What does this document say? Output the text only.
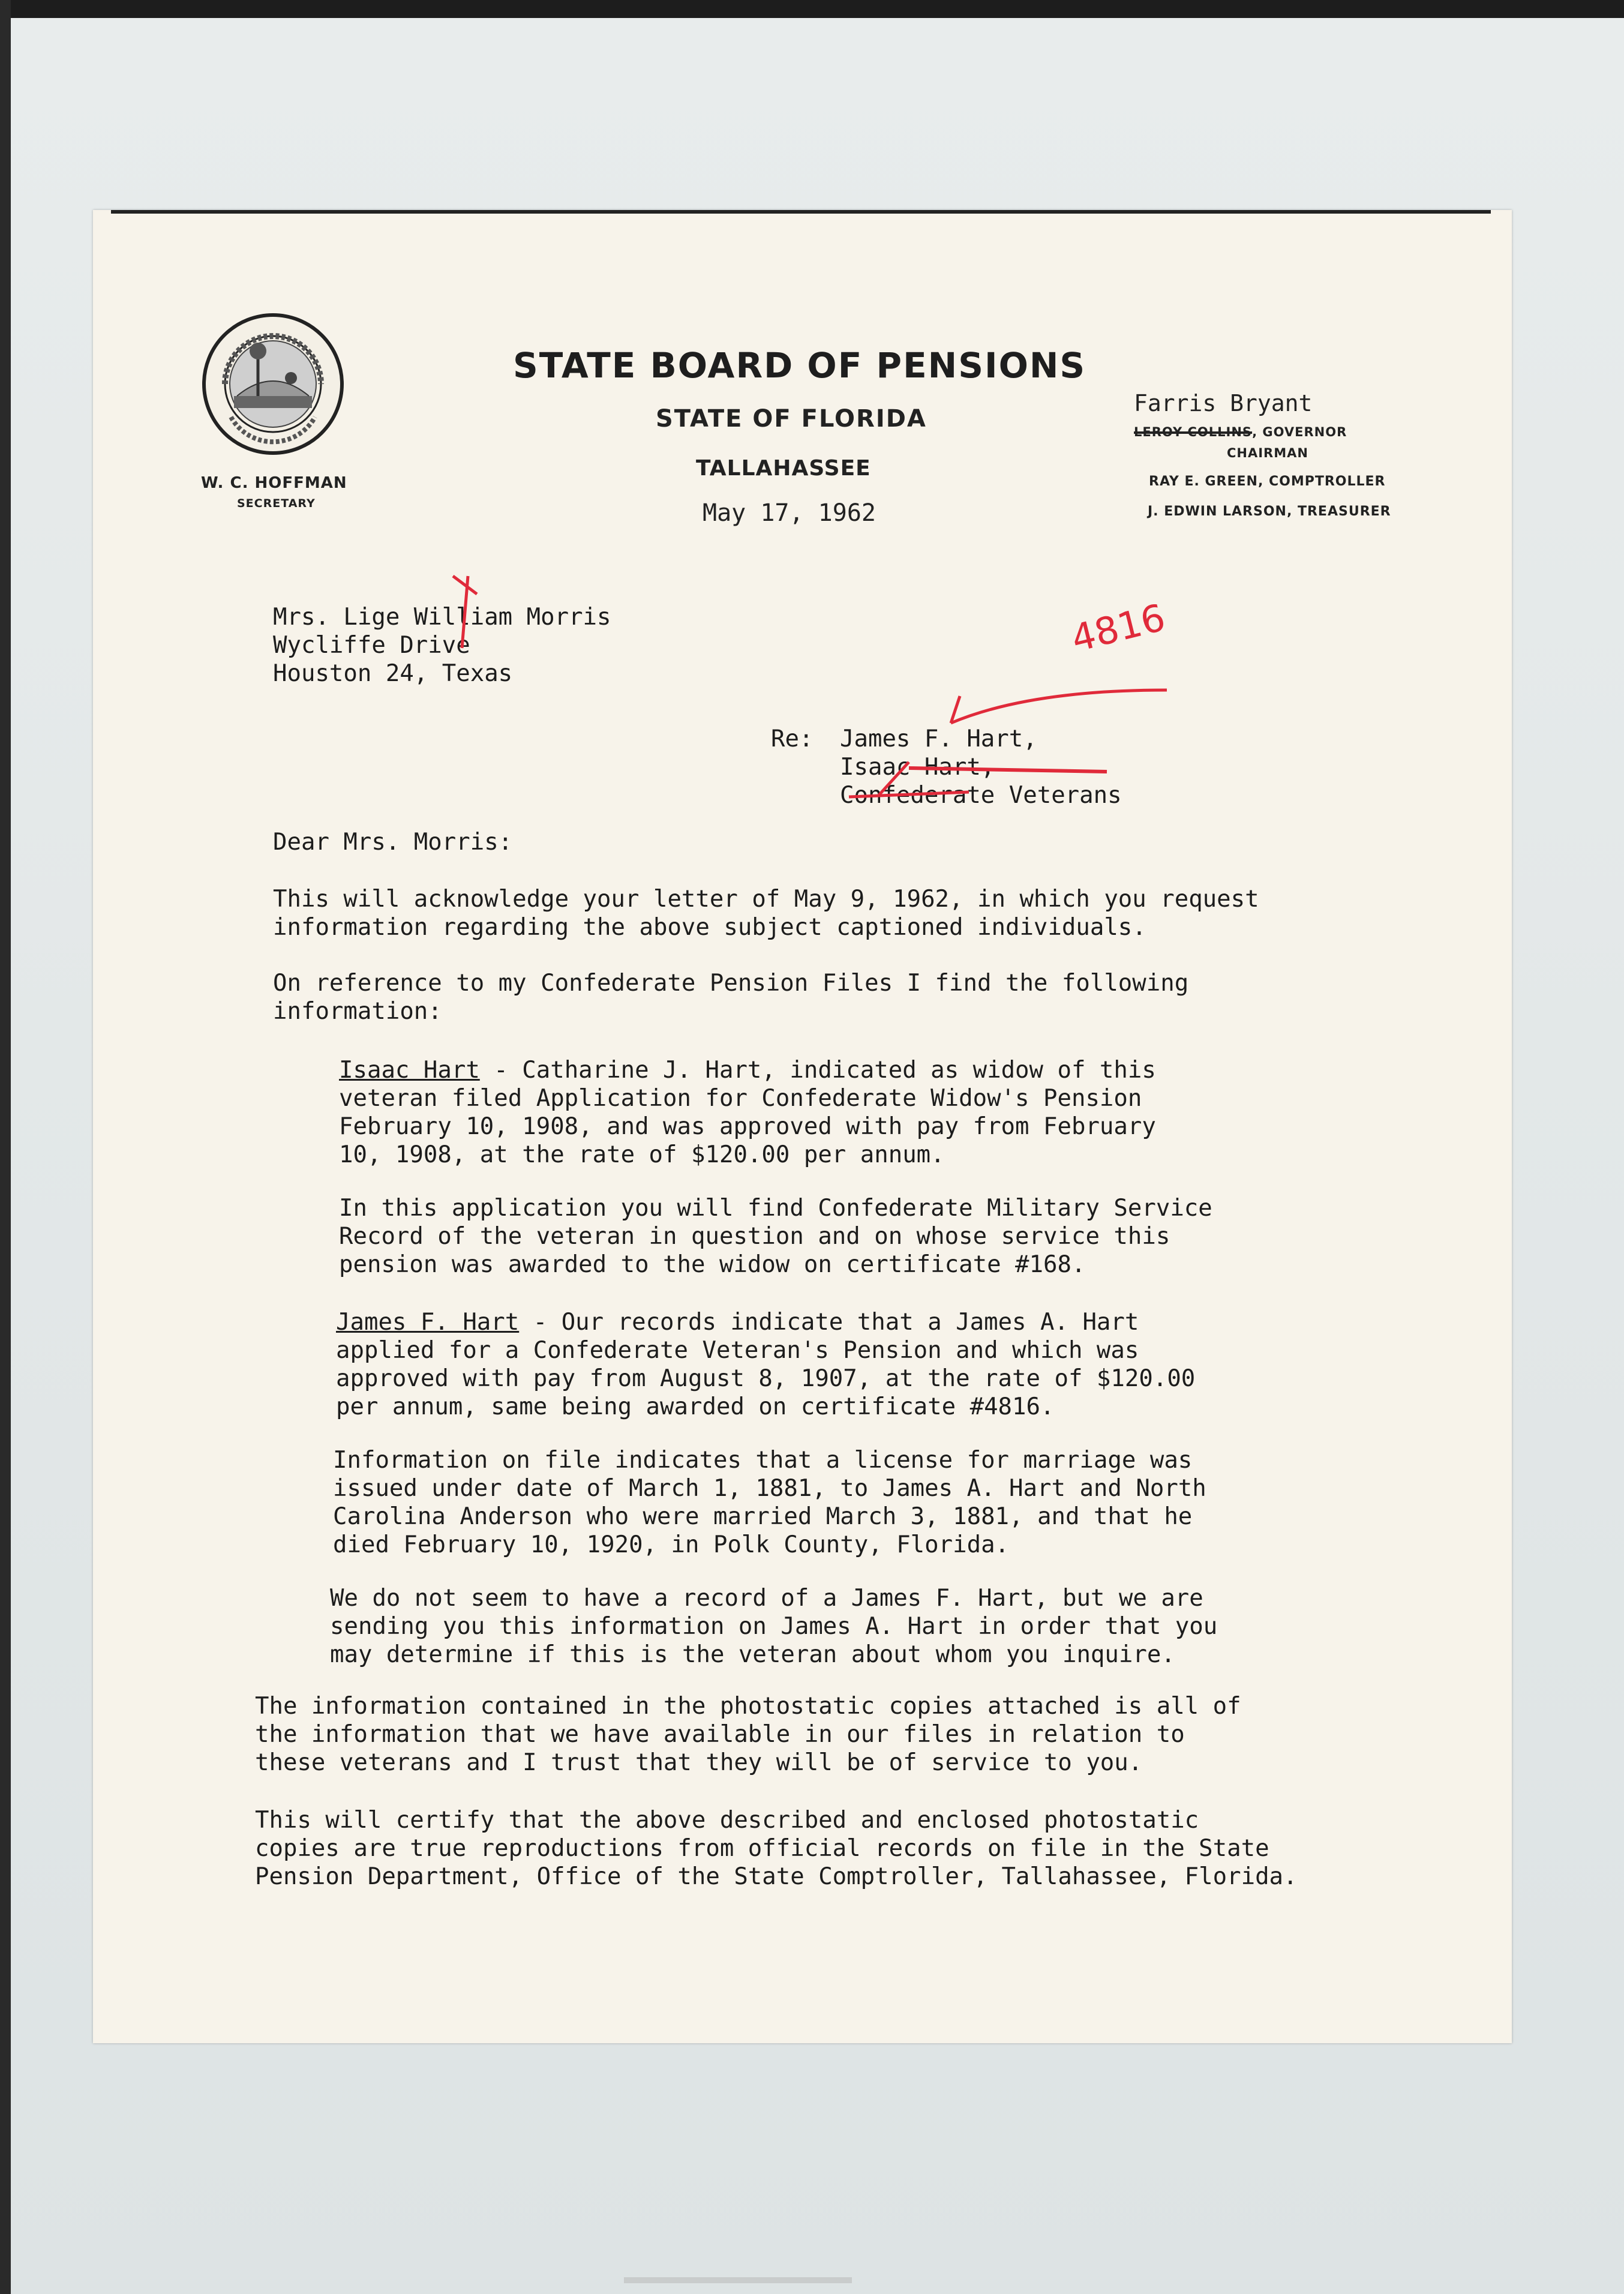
W. C. HOFFMAN
SECRETARY
STATE BOARD OF PENSIONS
STATE OF FLORIDA
TALLAHASSEE
May 17, 1962
Farris Bryant
LEROY COLLINS, GOVERNOR
CHAIRMAN
RAY E. GREEN, COMPTROLLER
J. EDWIN LARSON, TREASURER
Mrs. Lige William Morris
Wycliffe Drive
Houston 24, Texas
Re: James F. Hart,
Isaac Hart,
Confederate Veterans
4816
Dear Mrs. Morris:
This will acknowledge your letter of May 9, 1962, in which you request
information regarding the above subject captioned individuals.
On reference to my Confederate Pension Files I find the following
information:
Isaac Hart - Catharine J. Hart, indicated as widow of this
veteran filed Application for Confederate Widow's Pension
February 10, 1908, and was approved with pay from February
10, 1908, at the rate of $120.00 per annum.
In this application you will find Confederate Military Service
Record of the veteran in question and on whose service this
pension was awarded to the widow on certificate #168.
James F. Hart - Our records indicate that a James A. Hart
applied for a Confederate Veteran's Pension and which was
approved with pay from August 8, 1907, at the rate of $120.00
per annum, same being awarded on certificate #4816.
Information on file indicates that a license for marriage was
issued under date of March 1, 1881, to James A. Hart and North
Carolina Anderson who were married March 3, 1881, and that he
died February 10, 1920, in Polk County, Florida.
We do not seem to have a record of a James F. Hart, but we are
sending you this information on James A. Hart in order that you
may determine if this is the veteran about whom you inquire.
The information contained in the photostatic copies attached is all of
the information that we have available in our files in relation to
these veterans and I trust that they will be of service to you.
This will certify that the above described and enclosed photostatic
copies are true reproductions from official records on file in the State
Pension Department, Office of the State Comptroller, Tallahassee, Florida.
